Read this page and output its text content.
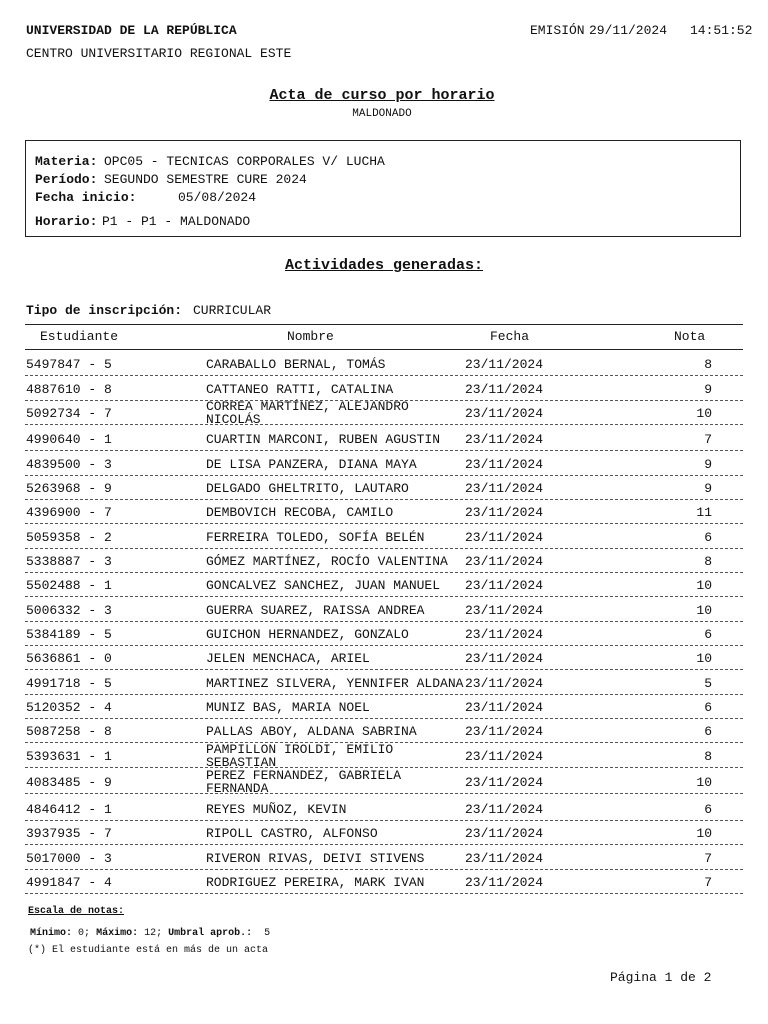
UNIVERSIDAD DE LA REPÚBLICA
CENTRO UNIVERSITARIO REGIONAL ESTE
EMISIÓN 29/11/2024 14:51:52
Acta de curso por horario
MALDONADO
Materia: OPC05 - TECNICAS CORPORALES V/ LUCHA
Período: SEGUNDO SEMESTRE CURE 2024
Fecha inicio:	05/08/2024
Horario: P1 - P1 - MALDONADO
Actividades generadas:
Tipo de inscripción: CURRICULAR
Estudiante	Nombre	Fecha	Nota
5497847 - 5	CARABALLO BERNAL, TOMÁS	23/11/2024	8
4887610 - 8	CATTANEO RATTI, CATALINA	23/11/2024	9
5092734 - 7	CORREA MARTÍNEZ, ALEJANDRO NICOLÁS	23/11/2024	10
4990640 - 1	CUARTIN MARCONI, RUBEN AGUSTIN 23/11/2024	7
4839500 - 3	DE LISA PANZERA, DIANA MAYA	23/11/2024	9
5263968 - 9	DELGADO GHELTRITO, LAUTARO	23/11/2024	9
4396900 - 7	DEMBOVICH RECOBA, CAMILO	23/11/2024	11
5059358 - 2	FERREIRA TOLEDO, SOFÍA BELÉN	23/11/2024	6
5338887 - 3	GÓMEZ MARTÍNEZ, ROCÍO VALENTINA 23/11/2024	8
5502488 - 1	GONCALVEZ SANCHEZ, JUAN MANUEL 23/11/2024	10
5006332 - 3	GUERRA SUAREZ, RAISSA ANDREA	23/11/2024	10
5384189 - 5	GUICHON HERNANDEZ, GONZALO	23/11/2024	6
5636861 - 0	JELEN MENCHACA, ARIEL	23/11/2024	10
4991718 - 5	MARTINEZ SILVERA, YENNIFER ALDANA 23/11/2024	5
5120352 - 4	MUNIZ BAS, MARIA NOEL	23/11/2024	6
5087258 - 8	PALLAS ABOY, ALDANA SABRINA	23/11/2024	6
5393631 - 1	PAMPILLON IROLDI, EMILIO SEBASTIAN	23/11/2024	8
4083485 - 9	PEREZ FERNANDEZ, GABRIELA FERNANDA	23/11/2024	10
4846412 - 1	REYES MUÑOZ, KEVIN	23/11/2024	6
3937935 - 7	RIPOLL CASTRO, ALFONSO	23/11/2024	10
5017000 - 3	RIVERON RIVAS, DEIVI STIVENS	23/11/2024	7
4991847 - 4	RODRIGUEZ PEREIRA, MARK IVAN	23/11/2024	7
Escala de notas:
Mínimo: 0; Máximo: 12; Umbral aprob.: 5
(*) El estudiante está en más de un acta
Página 1 de 2
